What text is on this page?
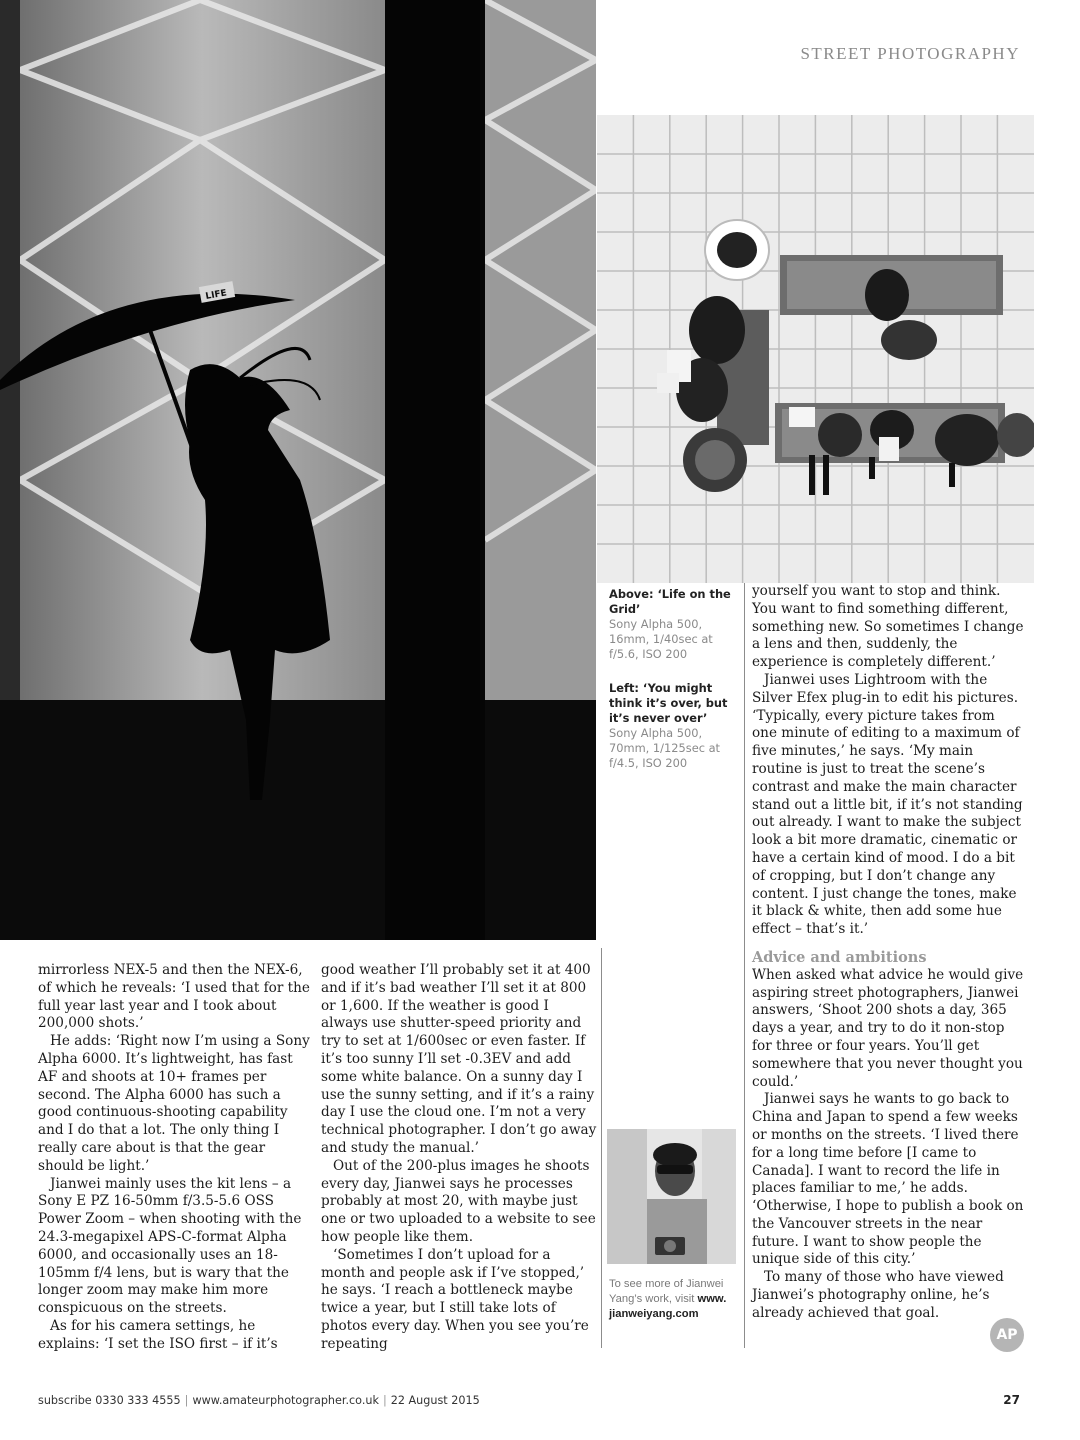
STREET PHOTOGRAPHY
LIFE
Above: ‘Life on the Grid’
Sony Alpha 500, 16mm, 1/40sec at f/5.6, ISO 200
Left: ‘You might think it’s over, but it’s never over’
Sony Alpha 500, 70mm, 1/125sec at f/4.5, ISO 200

mirrorless NEX-5 and then the NEX-6, of which he reveals: ‘I used that for the full year last year and I took about 200,000 shots.’

He adds: ‘Right now I’m using a Sony Alpha 6000. It’s lightweight, has fast AF and shoots at 10+ frames per second. The Alpha 6000 has such a good continuous-shooting capability and I do that a lot. The only thing I really care about is that the gear should be light.’

Jianwei mainly uses the kit lens – a Sony E PZ 16-50mm f/3.5-5.6 OSS Power Zoom – when shooting with the 24.3-megapixel APS-C-format Alpha 6000, and occasionally uses an 18-105mm f/4 lens, but is wary that the longer zoom may make him more conspicuous on the streets.

As for his camera settings, he explains: ‘I set the ISO first – if it’s

good weather I’ll probably set it at 400 and if it’s bad weather I’ll set it at 800 or 1,600. If the weather is good I always use shutter-speed priority and try to set at 1/600sec or even faster. If it’s too sunny I’ll set -0.3EV and add some white balance. On a sunny day I use the sunny setting, and if it’s a rainy day I use the cloud one. I’m not a very technical photographer. I don’t go away and study the manual.’

Out of the 200-plus images he shoots every day, Jianwei says he processes probably at most 20, with maybe just one or two uploaded to a website to see how people like them.

‘Sometimes I don’t upload for a month and people ask if I’ve stopped,’ he says. ‘I reach a bottleneck maybe twice a year, but I still take lots of photos every day. When you see you’re repeating

To see more of Jianwei Yang’s work, visit www. jianweiyang.com

yourself you want to stop and think. You want to find something different, something new. So sometimes I change a lens and then, suddenly, the experience is completely different.’

Jianwei uses Lightroom with the Silver Efex plug-in to edit his pictures. ‘Typically, every picture takes from one minute of editing to a maximum of five minutes,’ he says. ‘My main routine is just to treat the scene’s contrast and make the main character stand out a little bit, if it’s not standing out already. I want to make the subject look a bit more dramatic, cinematic or have a certain kind of mood. I do a bit of cropping, but I don’t change any content. I just change the tones, make it black & white, then add some hue effect – that’s it.’

Advice and ambitions

When asked what advice he would give aspiring street photographers, Jianwei answers, ‘Shoot 200 shots a day, 365 days a year, and try to do it non-stop for three or four years. You’ll get somewhere that you never thought you could.’

Jianwei says he wants to go back to China and Japan to spend a few weeks or months on the streets. ‘I lived there for a long time before [I came to Canada]. I want to record the life in places familiar to me,’ he adds. ‘Otherwise, I hope to publish a book on the Vancouver streets in the near future. I want to show people the unique side of this city.’

To many of those who have viewed Jianwei’s photography online, he’s already achieved that goal.

AP
subscribe 0330 333 4555 | www.amateurphotographer.co.uk | 22 August 2015	27
